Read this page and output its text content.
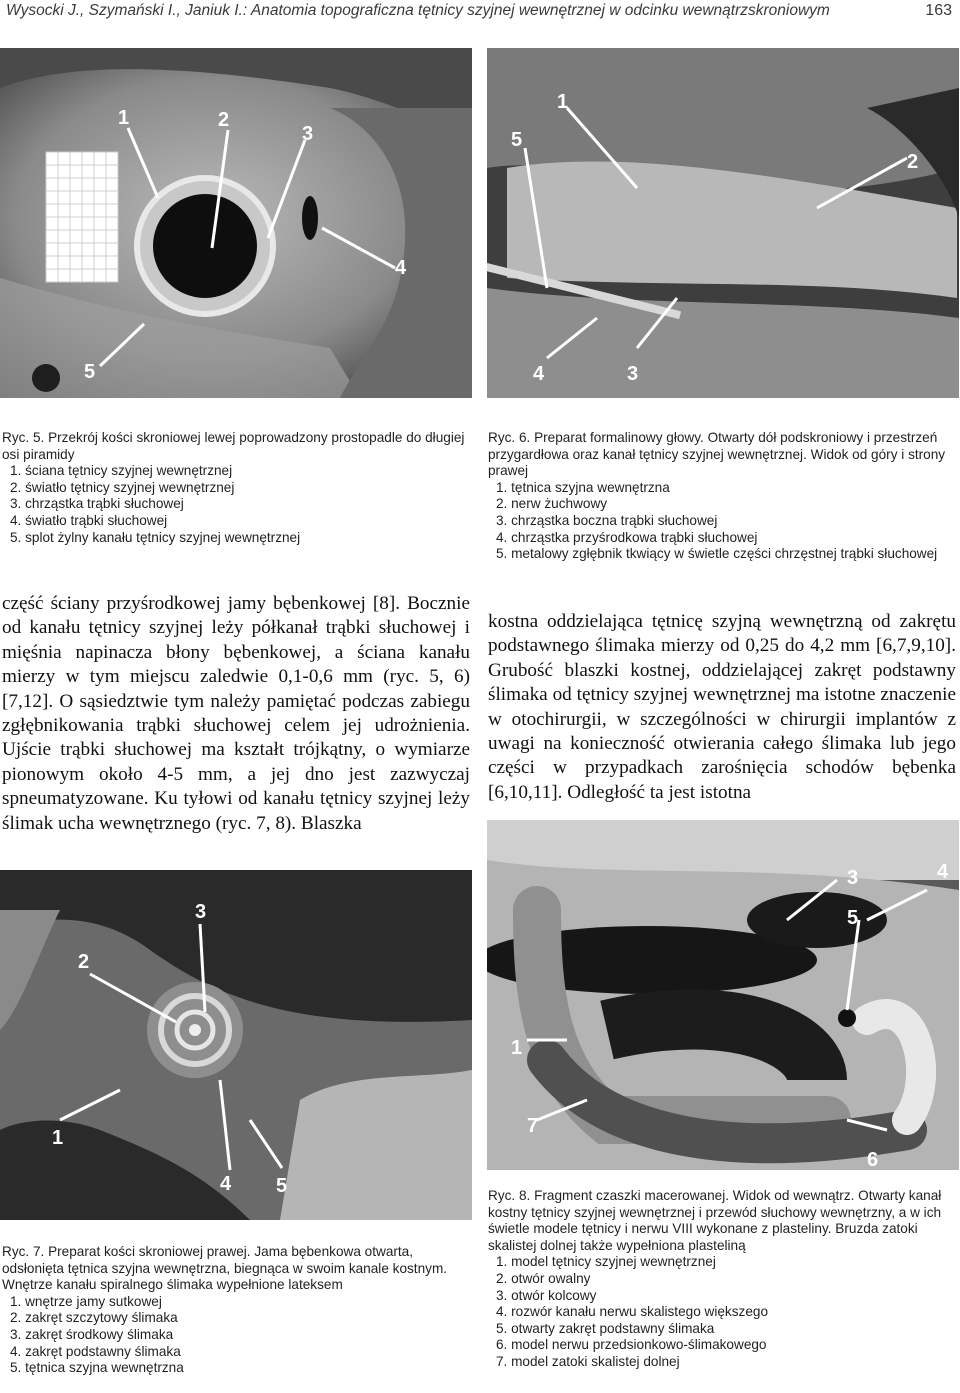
Wysocki J., Szymański I., Janiuk I.: Anatomia topograficzna tętnicy szyjnej wewnętrznej w odcinku wewnątrzskroniowym	163
1	2
3
4
5
1
2
3
4
5
Ryc. 5. Przekrój kości skroniowej lewej poprowadzony prostopadle do długiej osi piramidy
1. ściana tętnicy szyjnej wewnętrznej
2. światło tętnicy szyjnej wewnętrznej
3. chrząstka trąbki słuchowej
4. światło trąbki słuchowej
5. splot żylny kanału tętnicy szyjnej wewnętrznej
Ryc. 6. Preparat formalinowy głowy. Otwarty dół podskroniowy i przestrzeń przygardłowa oraz kanał tętnicy szyjnej wewnętrznej. Widok od góry i strony prawej
1. tętnica szyjna wewnętrzna
2. nerw żuchwowy
3. chrząstka boczna trąbki słuchowej
4. chrząstka przyśrodkowa trąbki słuchowej
5. metalowy zgłębnik tkwiący w świetle części chrzęstnej trąbki słuchowej
część ściany przyśrodkowej jamy bębenkowej [8]. Bocznie od kanału tętnicy szyjnej leży półkanał trąbki słuchowej i mięśnia napinacza błony bębenkowej, a ściana kanału mierzy w tym miejscu zaledwie 0,1-0,6 mm (ryc. 5, 6) [7,12]. O sąsiedztwie tym należy pamiętać podczas zabiegu zgłębnikowania trąbki słuchowej celem jej udrożnienia. Ujście trąbki słuchowej ma kształt trójkątny, o wymiarze pionowym około 4-5 mm, a jej dno jest zazwyczaj spneumatyzowane. Ku tyłowi od kanału tętnicy szyjnej leży ślimak ucha wewnętrznego (ryc. 7, 8). Blaszka
kostna oddzielająca tętnicę szyjną wewnętrzną od zakrętu podstawnego ślimaka mierzy od 0,25 do 4,2 mm [6,7,9,10]. Grubość blaszki kostnej, oddzielającej zakręt podstawny ślimaka od tętnicy szyjnej wewnętrznej ma istotne znaczenie w otochirurgii, w szczególności w chirurgii implantów z uwagi na konieczność otwierania całego ślimaka lub jego części w przypadkach zarośnięcia schodów bębenka [6,10,11]. Odległość ta jest istotna
3
2
1
4 5
3	4
5
1
7
6
Ryc. 7. Preparat kości skroniowej prawej. Jama bębenkowa otwarta, odsłonięta tętnica szyjna wewnętrzna, biegnąca w swoim kanale kostnym. Wnętrze kanału spiralnego ślimaka wypełnione lateksem
1. wnętrze jamy sutkowej
2. zakręt szczytowy ślimaka
3. zakręt środkowy ślimaka
4. zakręt podstawny ślimaka
5. tętnica szyjna wewnętrzna
Ryc. 8. Fragment czaszki macerowanej. Widok od wewnątrz. Otwarty kanał kostny tętnicy szyjnej wewnętrznej i przewód słuchowy wewnętrzny, a w ich świetle modele tętnicy i nerwu VIII wykonane z plasteliny. Bruzda zatoki skalistej dolnej także wypełniona plasteliną
1. model tętnicy szyjnej wewnętrznej
2. otwór owalny
3. otwór kolcowy
4. rozwór kanału nerwu skalistego większego
5. otwarty zakręt podstawny ślimaka
6. model nerwu przedsionkowo-ślimakowego
7. model zatoki skalistej dolnej
